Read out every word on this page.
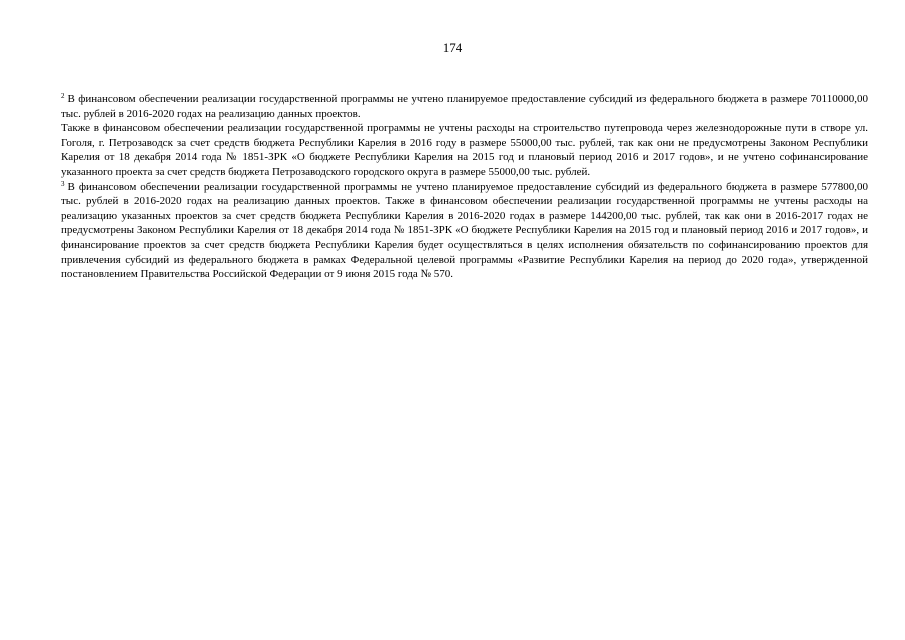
174

$^2$ В финансовом обеспечении реализации государственной программы не учтено планируемое предоставление субсидий из федерального бюджета в размере 70110000,00 тыс. рублей в 2016-2020 годах на реализацию данных проектов.

Также в финансовом обеспечении реализации государственной программы не учтены расходы на строительство путепровода через железнодорожные пути в створе ул. Гоголя, г. Петрозаводск за счет средств бюджета Республики Карелия в 2016 году в размере 55000,00 тыс. рублей, так как они не предусмотрены Законом Республики Карелия от 18 декабря 2014 года № 1851-ЗРК «О бюджете Республики Карелия на 2015 год и плановый период 2016 и 2017 годов», и не учтено софинансирование указанного проекта за счет средств бюджета Петрозаводского городского округа в размере 55000,00 тыс. рублей.

$^3$ В финансовом обеспечении реализации государственной программы не учтено планируемое предоставление субсидий из федерального бюджета в размере 577800,00 тыс. рублей в 2016-2020 годах на реализацию данных проектов. Также в финансовом обеспечении реализации государственной программы не учтены расходы на реализацию указанных проектов за счет средств бюджета Республики Карелия в 2016-2020 годах в размере 144200,00 тыс. рублей, так как они в 2016-2017 годах не предусмотрены Законом Республики Карелия от 18 декабря 2014 года № 1851-ЗРК «О бюджете Республики Карелия на 2015 год и плановый период 2016 и 2017 годов», и финансирование проектов за счет средств бюджета Республики Карелия будет осуществляться в целях исполнения обязательств по софинансированию проектов для привлечения субсидий из федерального бюджета в рамках Федеральной целевой программы «Развитие Республики Карелия на период до 2020 года», утвержденной постановлением Правительства Российской Федерации от 9 июня 2015 года № 570.
